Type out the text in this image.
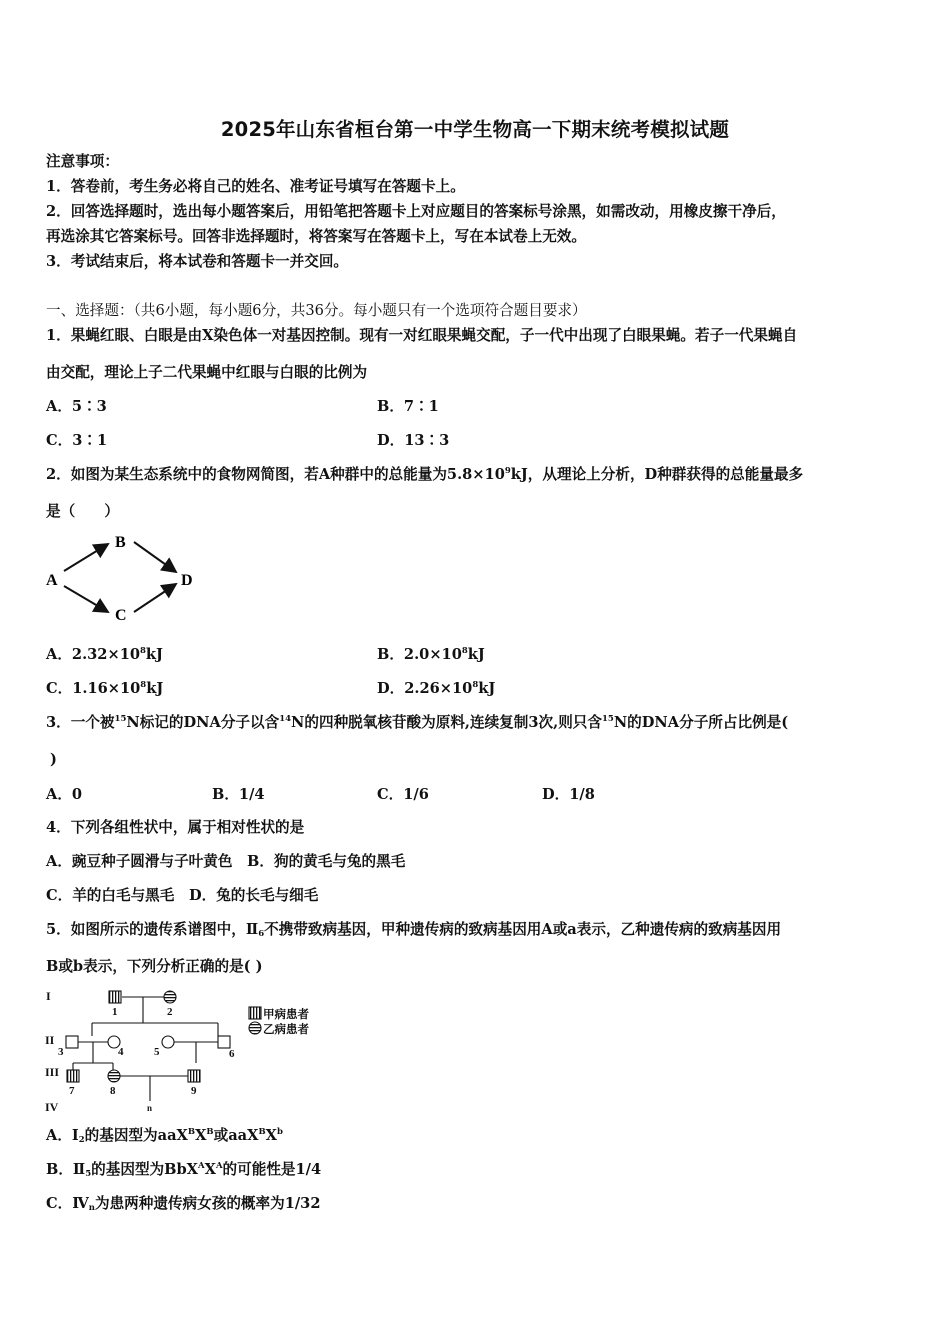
2025年山东省桓台第一中学生物高一下期末统考模拟试题
注意事项：
1．答卷前，考生务必将自己的姓名、准考证号填写在答题卡上。
2．回答选择题时，选出每小题答案后，用铅笔把答题卡上对应题目的答案标号涂黑，如需改动，用橡皮擦干净后，
再选涂其它答案标号。回答非选择题时，将答案写在答题卡上，写在本试卷上无效。
3．考试结束后，将本试卷和答题卡一并交回。
一、选择题：（共6小题，每小题6分，共36分。每小题只有一个选项符合题目要求）
1．果蝇红眼、白眼是由X染色体一对基因控制。现有一对红眼果蝇交配，子一代中出现了白眼果蝇。若子一代果蝇自
由交配，理论上子二代果蝇中红眼与白眼的比例为
A．5∶3	B．7∶1
C．3∶1	D．13∶3
2．如图为某生态系统中的食物网简图，若A种群中的总能量为$5.8\times 10^9kJ$，从理论上分析，D种群获得的总能量最多
是（　　）
A
B
C
D
A．$2.32\times 10^8kJ$	B．$2.0\times 10^8kJ$
C．$1.16\times 10^8kJ$	D．$2.26\times 10^8kJ$
3．一个被$^{15}$N标记的DNA分子以含$^{14}$N的四种脱氧核苷酸为原料,连续复制3次,则只含$^{15}$N的DNA分子所占比例是(
)
A．0	B．1/4	C．1/6	D．1/8
4．下列各组性状中，属于相对性状的是
A．豌豆种子圆滑与子叶黄色　B．狗的黄毛与兔的黑毛
C．羊的白毛与黑毛　D．兔的长毛与细毛
5．如图所示的遗传系谱图中，$Ⅱ_6$不携带致病基因，甲种遗传病的致病基因用A或a表示，乙种遗传病的致病基因用
B或b表示，下列分析正确的是( )
I
II
III
IV
1	2
3	4	5	6
7	8	9
n
甲病患者
乙病患者
A．$Ⅰ_2$的基因型为$aaX^BX^B$或$aaX^BX^b$
B．$Ⅱ_5$的基因型为$BbX^AX^A$的可能性是1/4
C．$Ⅳ_n$为患两种遗传病女孩的概率为1/32
